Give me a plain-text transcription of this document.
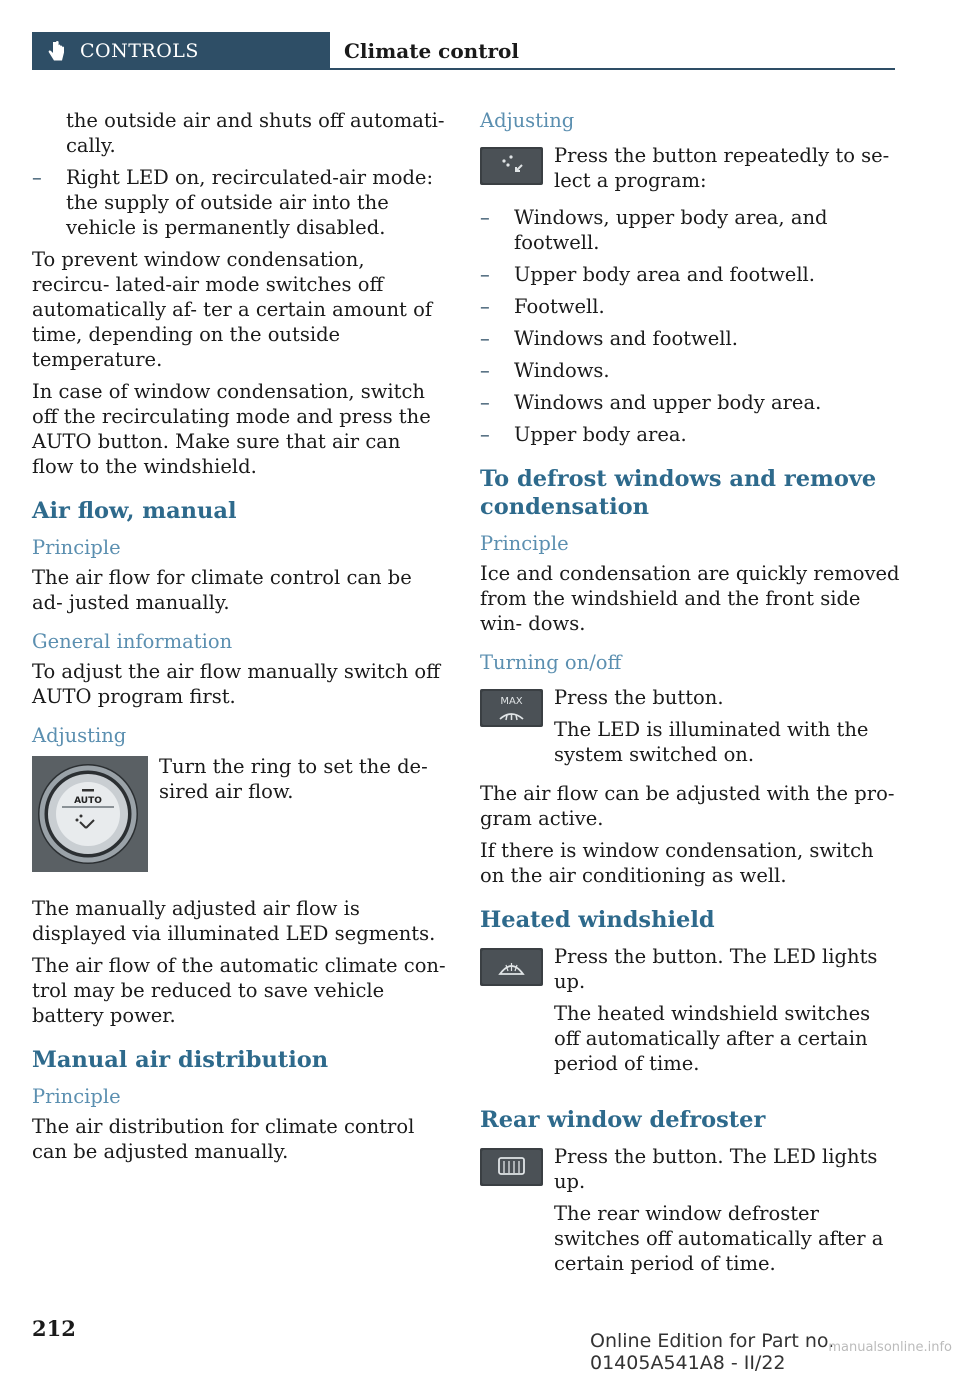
CONTROLS	Climate control

the outside air and shuts off automati- cally.

– Right LED on, recirculated-air mode: the supply of outside air into the vehicle is permanently disabled.

To prevent window condensation, recircu- lated-air mode switches off automatically af- ter a certain amount of time, depending on the outside temperature.

In case of window condensation, switch off the recirculating mode and press the AUTO button. Make sure that air can flow to the windshield.

Air flow, manual
Principle

The air flow for climate control can be ad- justed manually.

General information

To adjust the air flow manually switch off AUTO program first.

Adjusting
AUTO

Turn the ring to set the de- sired air flow.

The manually adjusted air flow is displayed via illuminated LED segments.

The air flow of the automatic climate con- trol may be reduced to save vehicle battery power.

Manual air distribution
Principle

The air distribution for climate control can be adjusted manually.

Adjusting
Press the button repeatedly to se- lect a program:
– Windows, upper body area, and footwell.
– Upper body area and footwell.
– Footwell.
– Windows and footwell.
– Windows.
– Windows and upper body area.
– Upper body area.
To defrost windows and remove condensation
Principle

Ice and condensation are quickly removed from the windshield and the front side win- dows.

Turning on/off
MAX	Press the button.
The LED is illuminated with the system switched on.

The air flow can be adjusted with the pro- gram active.

If there is window condensation, switch on the air conditioning as well.

Heated windshield
Press the button. The LED lights up.
The heated windshield switches off automatically after a certain period of time.
Rear window defroster
Press the button. The LED lights up.
The rear window defroster switches off automatically after a certain period of time.
212	Online Edition for Part no. 01405A541A8 - II/22
manualsonline.info
